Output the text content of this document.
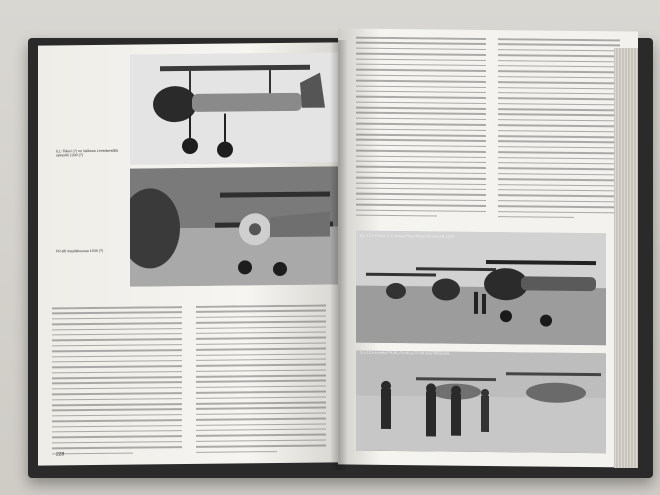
ILL-Tiikeri (?) on Valkean Lentokentällä syksyllä 1939 (?)
FR-88 maaliskuussa 1939 (?)
228
LLv 12:n Fokker C.X -koneet Suur-Merijoella syksyllä 1939.
LLv 12:n koneita FR-95, FR-96 ja FR-99 Suur-Merijoella.
